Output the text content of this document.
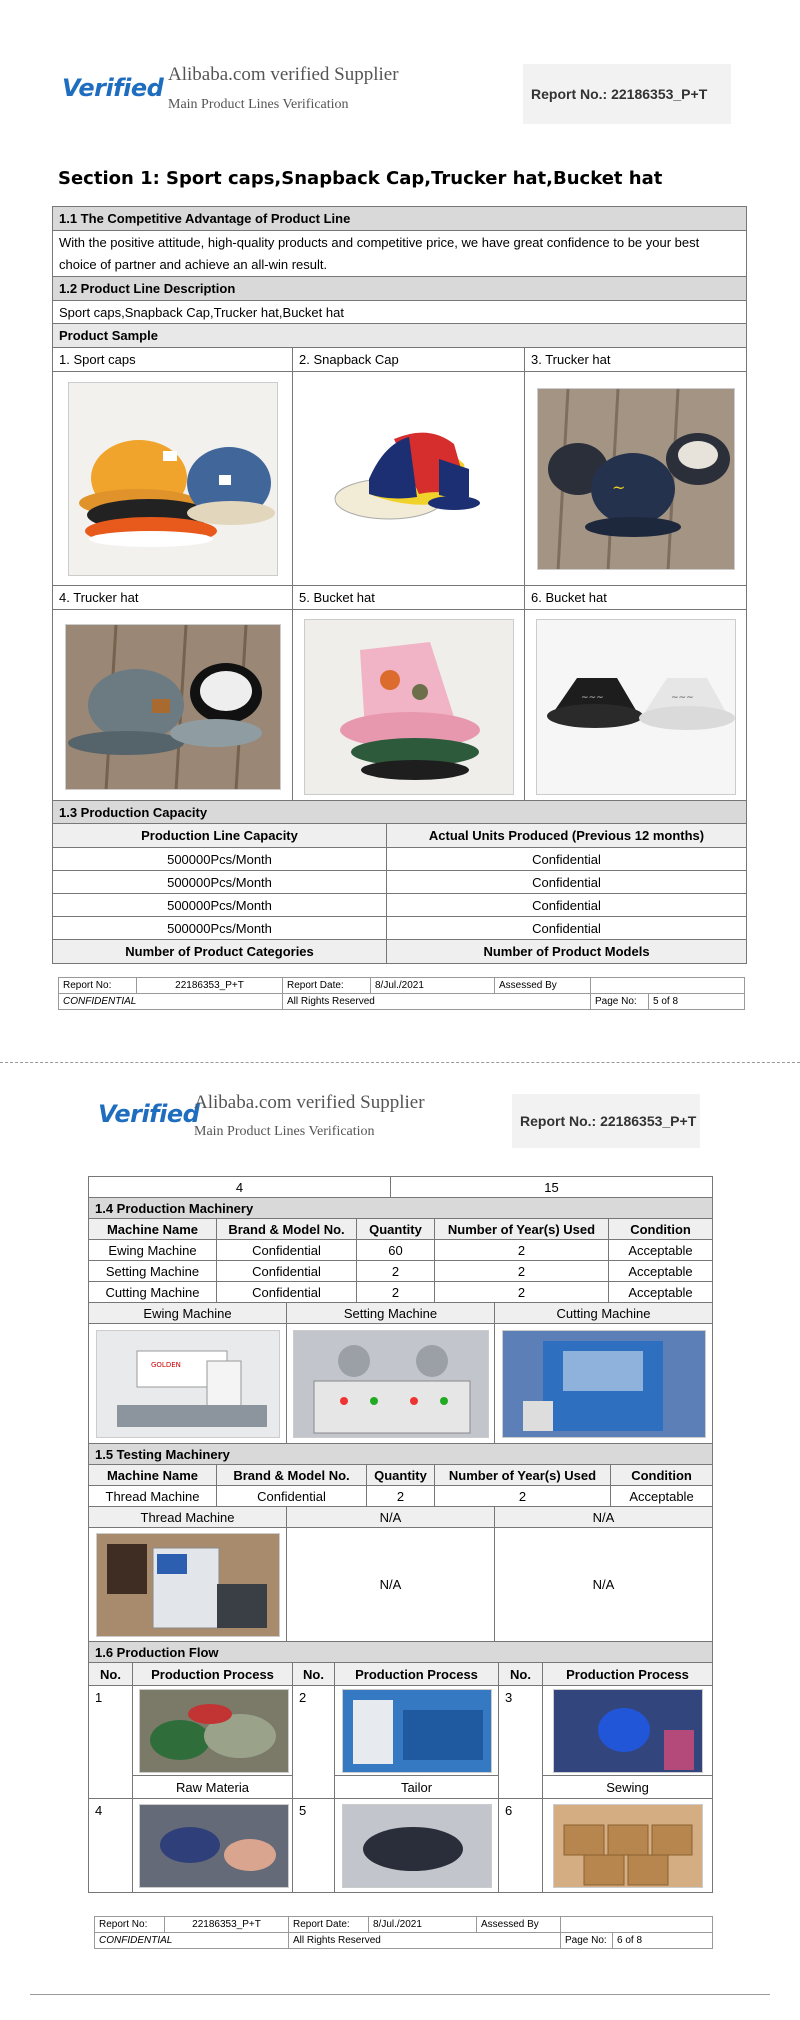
Verified Alibaba.com verified Supplier
Main Product Lines Verification
Report No.: 22186353_P+T
Section 1: Sport caps,Snapback Cap,Trucker hat,Bucket hat
1.1 The Competitive Advantage of Product Line		
With the positive attitude, high-quality products and competitive price, we have great confidence to be your best choice of partner and achieve an all-win result.		
1.2 Product Line Description		
Sport caps,Snapback Cap,Trucker hat,Bucket hat		
Product Sample		
1. Sport caps	2. Snapback Cap	3. Trucker hat

~

4. Trucker hat	5. Bucket hat	6. Bucket hat

~~~ ~~~
1.3 Production Capacity	
Production Line Capacity	Actual Units Produced (Previous 12 months)
500000Pcs/Month	Confidential
500000Pcs/Month	Confidential
500000Pcs/Month	Confidential
500000Pcs/Month	Confidential
Number of Product Categories	Number of Product Models
Report No:	22186353_P+T	Report Date:	8/Jul./2021	Assessed By		
CONFIDENTIAL		All Rights Reserved			Page No:	5 of 8
Verified
Alibaba.com verified Supplier
Main Product Lines Verification
Report No.: 22186353_P+T
4	15
1.4 Production Machinery				
Machine Name	Brand & Model No.	Quantity	Number of Year(s) Used	Condition
Ewing Machine	Confidential	60	2	Acceptable
Setting Machine	Confidential	2	2	Acceptable
Cutting Machine	Confidential	2	2	Acceptable
Ewing Machine	Setting Machine	Cutting Machine

GOLDEN

1.5 Testing Machinery				
Machine Name	Brand & Model No.	Quantity	Number of Year(s) Used	Condition
Thread Machine	Confidential	2	2	Acceptable
Thread Machine	N/A	N/A

	N/A	N/A
1.6 Production Flow					
No.	Production Process	No.	Production Process	No.	Production Process
1		2		3	

	Raw Materia		Tailor		Sewing
4		5		6	
Report No:	22186353_P+T	Report Date:	8/Jul./2021	Assessed By		
CONFIDENTIAL		All Rights Reserved			Page No:	6 of 8
